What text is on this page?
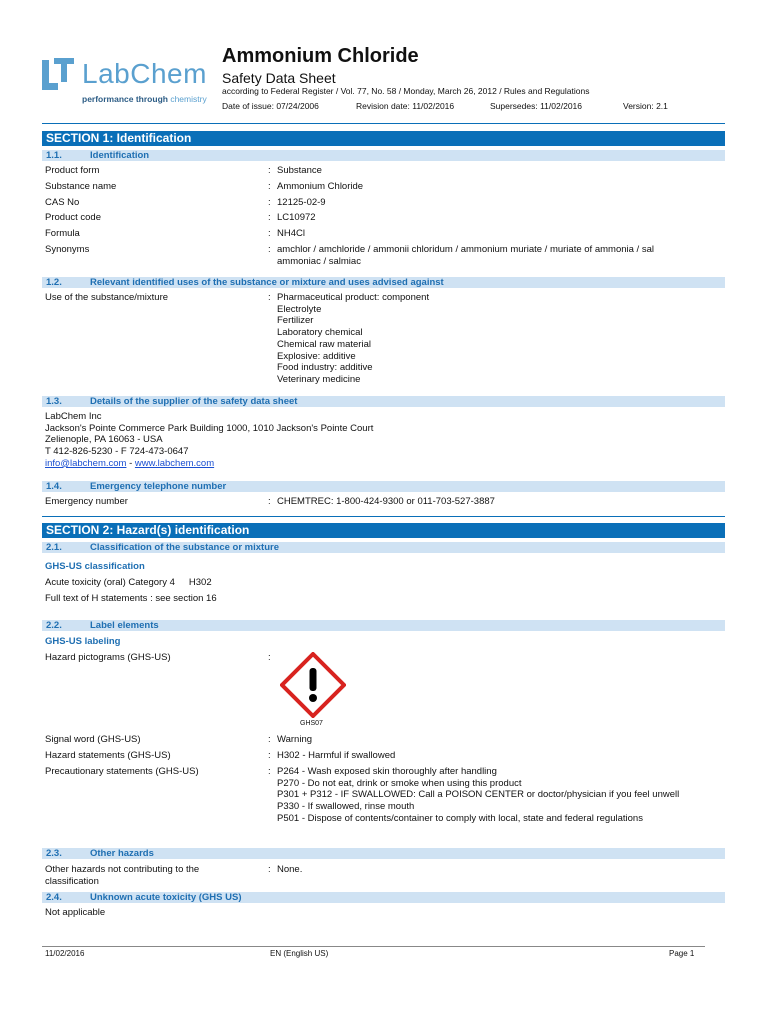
LabChem
performance through chemistry
Ammonium Chloride
Safety Data Sheet
according to Federal Register / Vol. 77, No. 58 / Monday, March 26, 2012 / Rules and Regulations
Date of issue: 07/24/2006	Revision date: 11/02/2016	Supersedes: 11/02/2016	Version: 2.1
SECTION 1: Identification
1.1.	Identification
Product form	: Substance
Substance name	: Ammonium Chloride
CAS No	: 12125-02-9
Product code	: LC10972
Formula	: NH4Cl
Synonyms	: amchlor / amchloride / ammonii chloridum / ammonium muriate / muriate of ammonia / sal ammoniac / salmiac
1.2.	Relevant identified uses of the substance or mixture and uses advised against
Use of the substance/mixture	: Pharmaceutical product: component
Electrolyte
Fertilizer
Laboratory chemical
Chemical raw material
Explosive: additive
Food industry: additive
Veterinary medicine
1.3.	Details of the supplier of the safety data sheet
LabChem Inc
Jackson's Pointe Commerce Park Building 1000, 1010 Jackson's Pointe Court
Zelienople, PA 16063 - USA
T 412-826-5230 - F 724-473-0647
info@labchem.com - www.labchem.com
1.4.	Emergency telephone number
Emergency number	: CHEMTREC: 1-800-424-9300 or 011-703-527-3887
SECTION 2: Hazard(s) identification
2.1.	Classification of the substance or mixture
GHS-US classification
Acute toxicity (oral) Category 4 H302
Full text of H statements : see section 16
2.2.	Label elements
GHS-US labeling
Hazard pictograms (GHS-US)	:
GHS07
Signal word (GHS-US)	: Warning
Hazard statements (GHS-US)	: H302 - Harmful if swallowed
Precautionary statements (GHS-US)	: P264 - Wash exposed skin thoroughly after handling
P270 - Do not eat, drink or smoke when using this product
P301 + P312 - IF SWALLOWED: Call a POISON CENTER or doctor/physician if you feel unwell
P330 - If swallowed, rinse mouth
P501 - Dispose of contents/container to comply with local, state and federal regulations
2.3.	Other hazards
Other hazards not contributing to the classification
: None.
2.4.	Unknown acute toxicity (GHS US)
Not applicable
11/02/2016	EN (English US)	Page 1
